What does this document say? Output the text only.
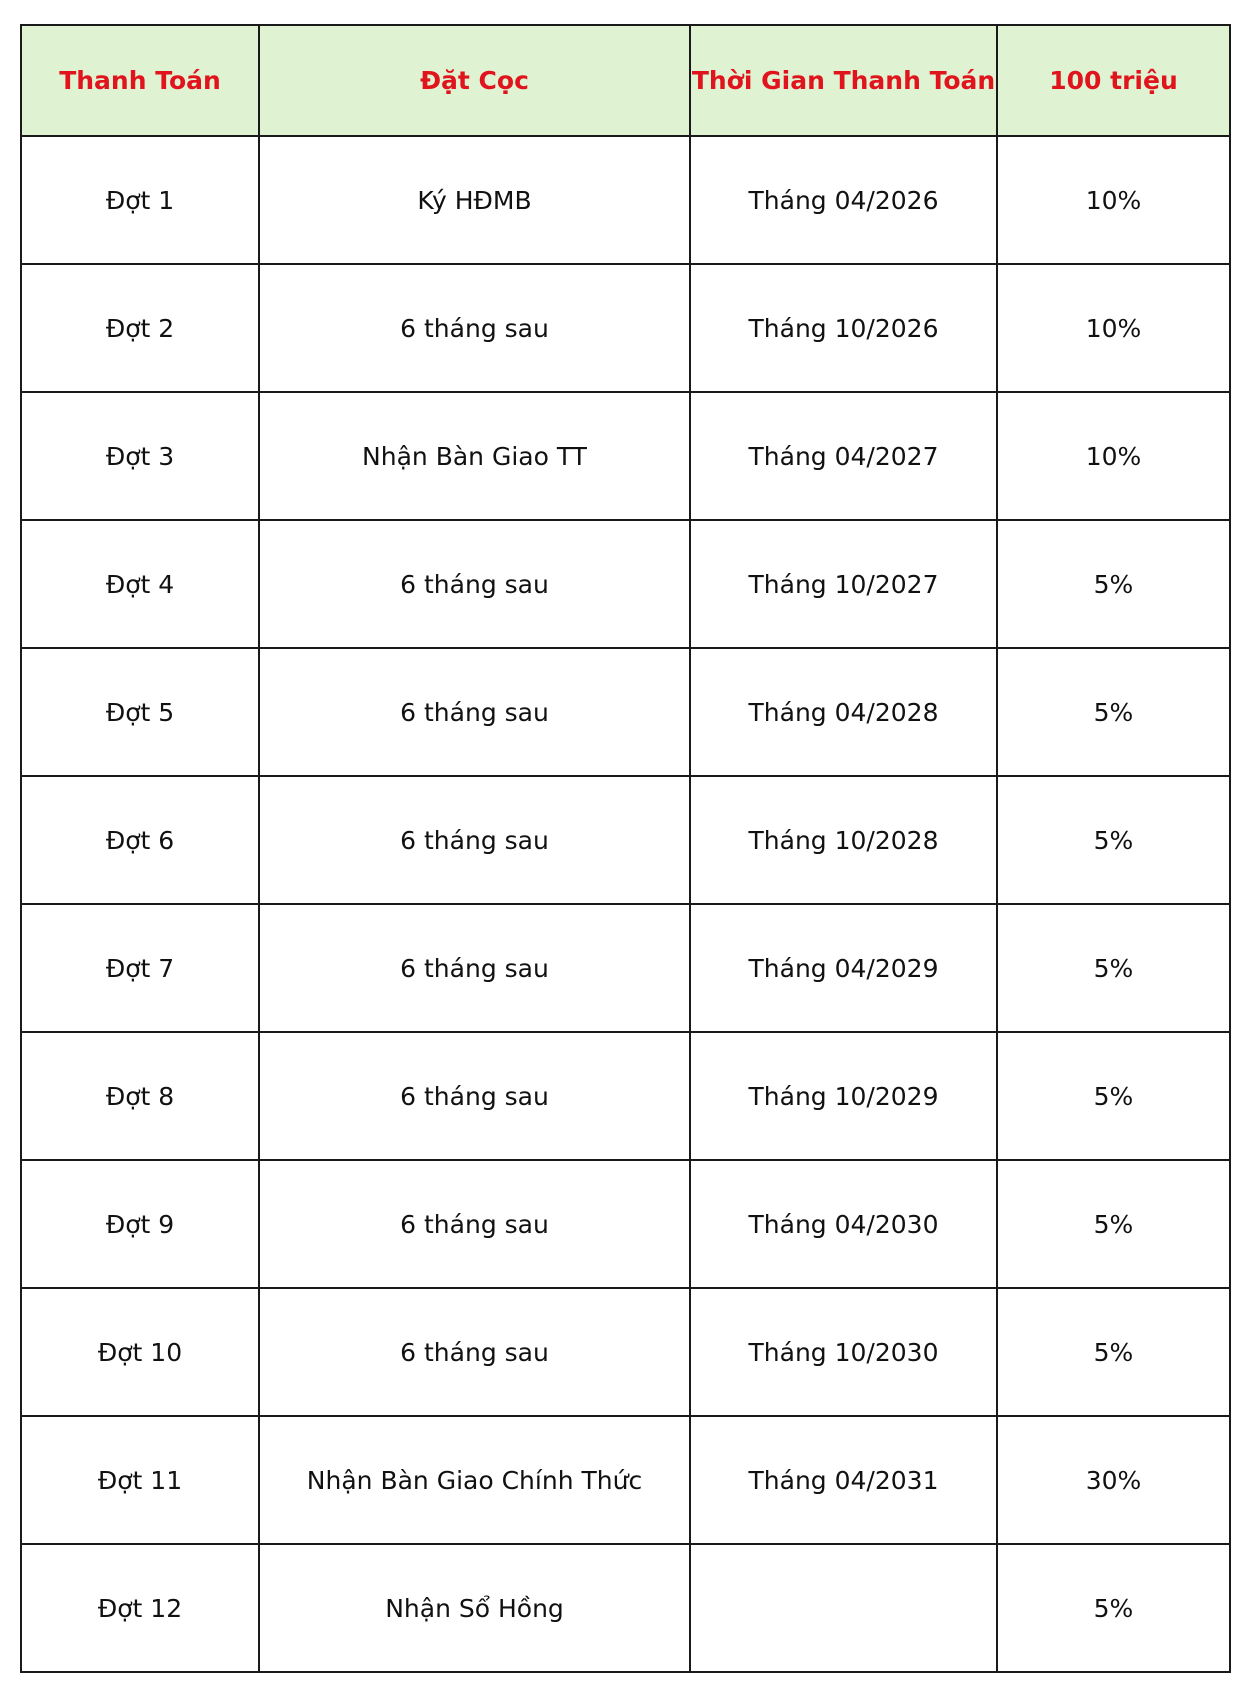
Thanh Toán	Đặt Cọc	Thời Gian Thanh Toán	100 triệu
Đợt 1	Ký HĐMB	Tháng 04/2026	10%
Đợt 2	6 tháng sau	Tháng 10/2026	10%
Đợt 3	Nhận Bàn Giao TT	Tháng 04/2027	10%
Đợt 4	6 tháng sau	Tháng 10/2027	5%
Đợt 5	6 tháng sau	Tháng 04/2028	5%
Đợt 6	6 tháng sau	Tháng 10/2028	5%
Đợt 7	6 tháng sau	Tháng 04/2029	5%
Đợt 8	6 tháng sau	Tháng 10/2029	5%
Đợt 9	6 tháng sau	Tháng 04/2030	5%
Đợt 10	6 tháng sau	Tháng 10/2030	5%
Đợt 11	Nhận Bàn Giao Chính Thức	Tháng 04/2031	30%
Đợt 12	Nhận Sổ Hồng		5%
